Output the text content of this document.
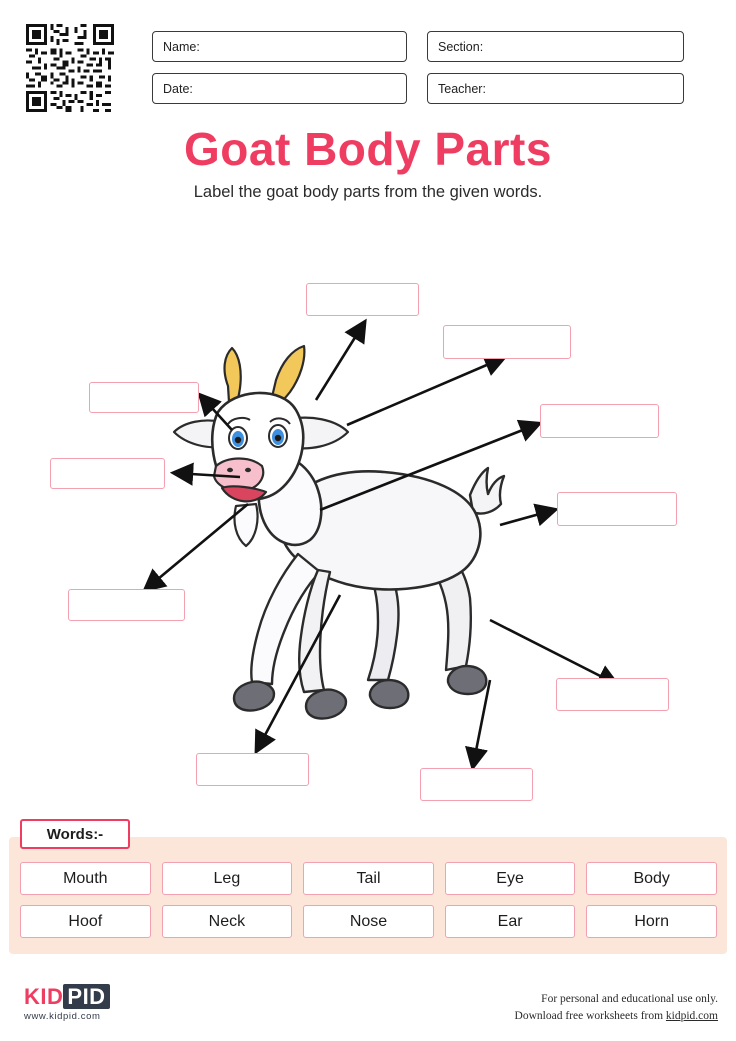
Name:	Section:
Date:	Teacher:
Goat Body Parts
Label the goat body parts from the given words.
Words:-
Mouth	Leg	Tail	Eye	Body
Hoof	Neck	Nose	Ear	Horn
KID PID
www.kidpid.com
For personal and educational use only.
Download free worksheets from kidpid.com
